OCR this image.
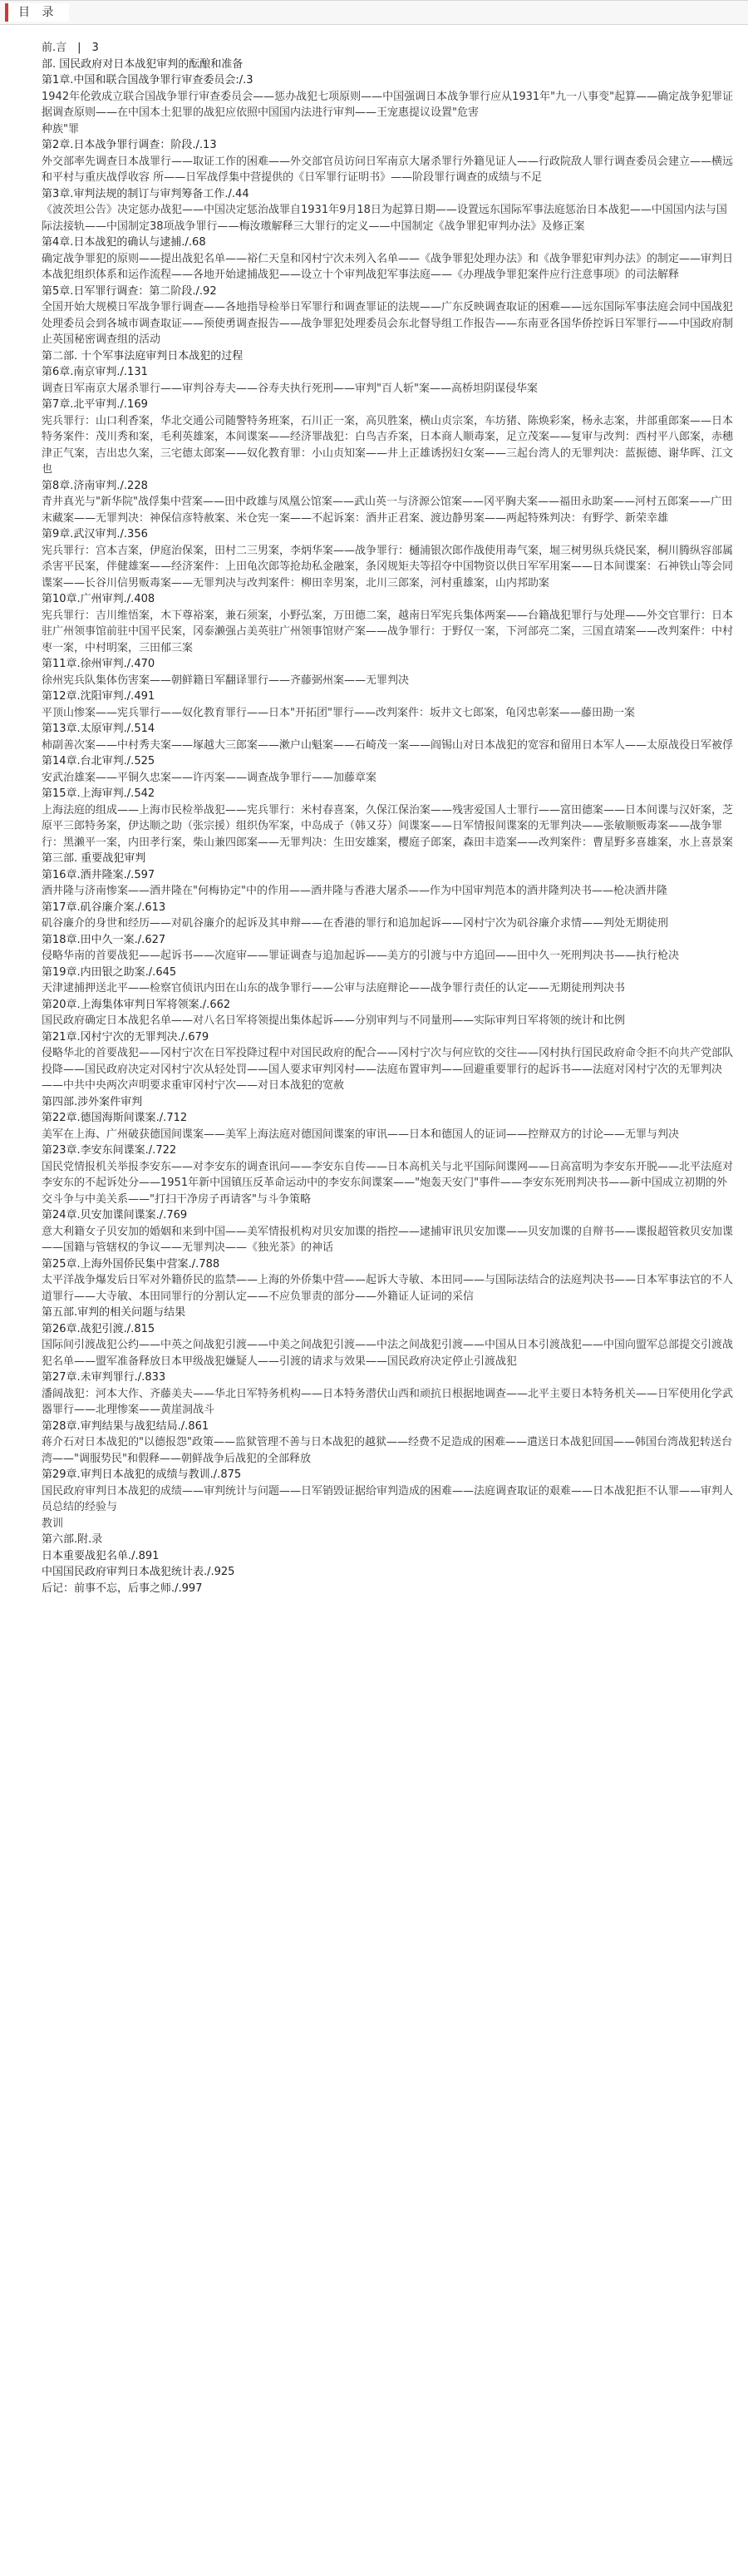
目 录

前.言　|　3

部. 国民政府对日本战犯审判的酝酿和准备

第1章.中国和联合国战争罪行审查委员会:/.3

1942年伦敦成立联合国战争罪行审查委员会——惩办战犯七项原则——中国强调日本战争罪行应从1931年"九一八事变"起算——确定战争犯罪证据调查原则——在中国本土犯罪的战犯应依照中国国内法进行审判——王宠惠提议设置"危害

种族"罪

第2章.日本战争罪行调查：阶段./.13

外交部率先调查日本战罪行——取证工作的困难——外交部官员访问日军南京大屠杀罪行外籍见证人——行政院敌人罪行调查委员会建立——横远和平村与重庆战俘收容 所——日军战俘集中营提供的《日军罪行证明书》——阶段罪行调查的成绩与不足

第3章.审判法规的制订与审判筹备工作./.44

《波茨坦公告》决定惩办战犯——中国决定惩治战罪自1931年9月18日为起算日期——设置远东国际军事法庭惩治日本战犯——中国国内法与国际法接轨——中国制定38项战争罪行——梅汝璈解释三大罪行的定义——中国制定《战争罪犯审判办法》及修正案

第4章.日本战犯的确认与逮捕./.68

确定战争罪犯的原则——提出战犯名单——裕仁天皇和冈村宁次未列入名单——《战争罪犯处理办法》和《战争罪犯审判办法》的制定——审判日本战犯组织体系和运作流程——各地开始逮捕战犯——设立十个审判战犯军事法庭——《办理战争罪犯案件应行注意事项》的司法解释

第5章.日军罪行调查：第二阶段./.92

全国开始大规模日军战争罪行调查——各地指导检举日军罪行和调查罪证的法规——广东反映调查取证的困难——远东国际军事法庭会同中国战犯处理委员会到各城市调查取证——预使勇调查报告——战争罪犯处理委员会东北督导组工作报告——东南亚各国华侨控诉日军罪行——中国政府制止英国秘密调查组的活动

第二部. 十个军事法庭审判日本战犯的过程

第6章.南京审判./.131

调查日军南京大屠杀罪行——审判谷寿夫——谷寿夫执行死刑——审判"百人斩"案——高桥坦阴谋侵华案

第7章.北平审判./.169

宪兵罪行：山口利香案，华北交通公司随警特务班案，石川正一案，高贝胜案，横山贞宗案，车坊猪、陈焕彩案，杨永志案，井部重郎案——日本特务案件：茂川秀和案，毛利英雄案，本间谍案——经济罪战犯：白鸟吉乔案，日本商人顺毒案，足立茂案——复审与改判：西村平八郎案，赤穗津正气案，吉出忠久案，三宅德太郎案——奴化教育罪：小山贞知案——井上正雄诱拐妇女案——三起台湾人的无罪判决：蓝振德、谢华晖、江文也

第8章.济南审判./.228

青井真光与"新华院"战俘集中营案——田中政雄与凤凰公馆案——武山英一与济源公馆案——冈平胸夫案——福田永助案——河村五郎案——广田末藏案——无罪判决：神保信彦特赦案、米仓宪一案——不起诉案：酒井正君案、渡边静男案——两起特殊判决：有野学、新荣幸雄

第9章.武汉审判./.356

宪兵罪行：宫本吉案，伊庭治保案，田村二三男案，李炳华案——战争罪行：樋浦银次郎作战使用毒气案，堀三树男纵兵烧民案，桐川腾纵容部属杀害平民案，伴健雄案——经济案件：上田龟次郎等抢劫私金融案，条冈规矩夫等招夺中国物资以供日军军用案——日本间谍案：石神铁山等会同谍案——长谷川信男贩毒案——无罪判决与改判案件：柳田幸男案，北川三郎案，河村重雄案，山内邦助案

第10章.广州审判./.408

宪兵罪行：吉川维悟案，木下尊裕案，兼石须案，小野弘案，万田德二案，越南日军宪兵集体两案——台籍战犯罪行与处理——外交官罪行：日本驻广州领事馆前驻中国平民案，冈泰濑强占美英驻广州领事馆财产案——战争罪行：于野仅一案，下河部亮二案，三国直靖案——改判案件：中村枣一案，中村明案，三田郁三案

第11章.徐州审判./.470

徐州宪兵队集体伤害案——朝鲜籍日军翻译罪行——齐藤弼州案——无罪判决

第12章.沈阳审判./.491

平顶山惨案——宪兵罪行——奴化教育罪行——日本"开拓团"罪行——改判案件：坂井文七郎案，龟冈忠彰案——藤田勘一案

第13章.太原审判./.514

柿副善次案——中村秀夫案——塚越大三郎案——漱户山魁案——石崎茂一案——阎锡山对日本战犯的宽容和留用日本军人——太原战役日军被俘

第14章.台北审判./.525

安武治雄案——平铜久忠案——许丙案——调查战争罪行——加藤章案

第15章.上海审判./.542

上海法庭的组成——上海市民检举战犯——宪兵罪行：米村春喜案，久保江保治案——残害爱国人士罪行——富田德案——日本间谍与汉奸案，芝原平三郎特务案，伊达顺之助（张宗援）组织伪军案，中岛成子（韩又芬）间谍案——日军情报间谍案的无罪判决——张敏顺贩毒案——战争罪行：黑濑平一案，内田孝行案，柴山兼四郎案——无罪判决：生田安雄案，樱庭子郎案，森田丰造案——改判案件：曹星野多喜雄案，水上喜景案

第三部. 重要战犯审判

第16章.酒井隆案./.597

酒井隆与济南惨案——酒井隆在"何梅协定"中的作用——酒井隆与香港大屠杀——作为中国审判范本的酒井隆判决书——枪决酒井隆

第17章.矶谷廉介案./.613

矶谷廉介的身世和经历——对矶谷廉介的起诉及其申辩——在香港的罪行和追加起诉——冈村宁次为矶谷廉介求情——判处无期徒刑

第18章.田中久一案./.627

侵略华南的首要战犯——起诉书——次庭审——罪证调查与追加起诉——美方的引渡与中方追回——田中久一死刑判决书——执行枪决

第19章.内田银之助案./.645

天津逮捕押送北平——检察官侦讯内田在山东的战争罪行——公审与法庭辩论——战争罪行责任的认定——无期徒刑判决书

第20章.上海集体审判日军将领案./.662

国民政府确定日本战犯名单——对八名日军将领提出集体起诉——分别审判与不同量刑——实际审判日军将领的统计和比例

第21章.冈村宁次的无罪判决./.679

侵略华北的首要战犯——冈村宁次在日军投降过程中对国民政府的配合——冈村宁次与何应钦的交往——冈村执行国民政府命令拒不向共产党部队投降——国民政府决定对冈村宁次从轻处罚——国人要求审判冈村——法庭布置审判——回避重要罪行的起诉书——法庭对冈村宁次的无罪判决——中共中央两次声明要求重审冈村宁次——对日本战犯的宽赦

第四部.涉外案件审判

第22章.德国海斯间谍案./.712

美军在上海、广州破获德国间谍案——美军上海法庭对德国间谍案的审讯——日本和德国人的证词——控辩双方的讨论——无罪与判决

第23章.李安东间谍案./.722

国民党情报机关举报李安东——对李安东的调查讯问——李安东自传——日本高机关与北平国际间谍网——日高富明为李安东开脱——北平法庭对李安东的不起诉处分——1951年新中国镇压反革命运动中的李安东间谍案——"炮轰天安门"事件——李安东死刑判决书——新中国成立初期的外交斗争与中美关系——"打扫干净房子再请客"与斗争策略

第24章.贝安加谍间谍案./.769

意大利籍女子贝安加的婚姻和来到中国——美军情报机构对贝安加谍的指控——逮捕审讯贝安加谍——贝安加谍的自辩书——谍报超管救贝安加谍——国籍与管辖权的争议——无罪判决——《独光茶》的神话

第25章.上海外国侨民集中营案./.788

太平洋战争爆发后日军对外籍侨民的监禁——上海的外侨集中营——起诉大寺敏、本田同——与国际法结合的法庭判决书——日本军事法官的不人道罪行——大寺敏、本田同罪行的分割认定——不应负罪责的部分——外籍证人证词的采信

第五部.审判的相关问题与结果

第26章.战犯引渡./.815

国际间引渡战犯公约——中英之间战犯引渡——中美之间战犯引渡——中法之间战犯引渡——中国从日本引渡战犯——中国向盟军总部提交引渡战犯名单——盟军准备释放日本甲级战犯嫌疑人——引渡的请求与效果——国民政府决定停止引渡战犯

第27章.未审判罪行./.833

潘阔战犯：河本大作、齐藤美夫——华北日军特务机构——日本特务潜伏山西和顽抗日根据地调查——北平主要日本特务机关——日军使用化学武器罪行——北理惨案——黄崖洞战斗

第28章.审判结果与战犯结局./.861

蒋介石对日本战犯的"以德报怨"政策——监狱管理不善与日本战犯的越狱——经费不足造成的困难——遣送日本战犯回国——韩国台湾战犯转送台湾——"调服势民"和假释——朝鲜战争后战犯的全部释放

第29章.审判日本战犯的成绩与教训./.875

国民政府审判日本战犯的成绩——审判统计与问题——日军销毁证据给审判造成的困难——法庭调查取证的艰难——日本战犯拒不认罪——审判人员总结的经验与

教训

第六部.附.录

日本重要战犯名单./.891

中国国民政府审判日本战犯统计表./.925

后记：前事不忘，后事之师./.997
